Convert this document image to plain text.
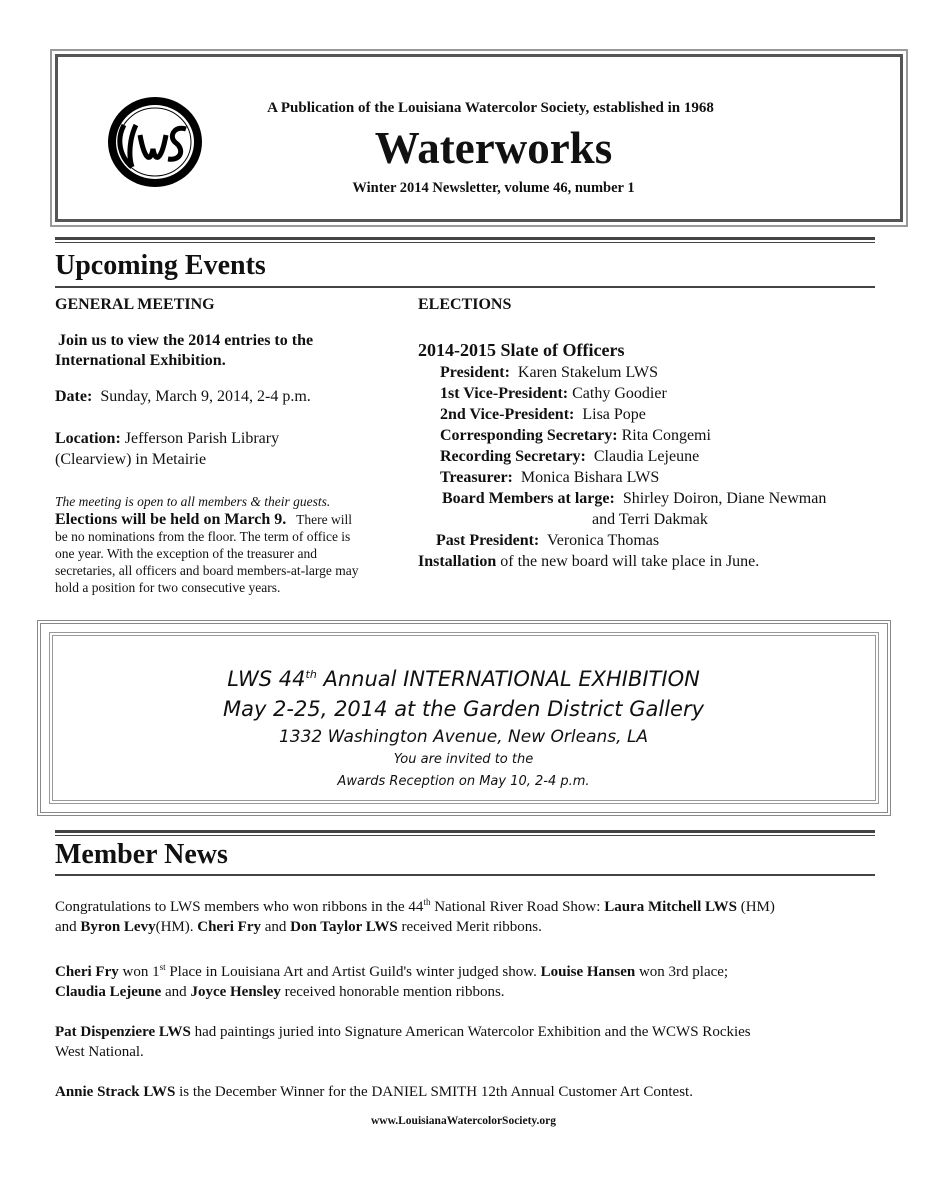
A Publication of the Louisiana Watercolor Society, established in 1968
Waterworks
Winter 2014 Newsletter, volume 46, number 1
Upcoming Events
GENERAL MEETING
Join us to view the 2014 entries to the
International Exhibition.
Date: Sunday, March 9, 2014, 2-4 p.m.
Location: Jefferson Parish Library
(Clearview) in Metairie
The meeting is open to all members & their guests.
Elections will be held on March 9. There will
be no nominations from the floor. The term of office is
one year. With the exception of the treasurer and
secretaries, all officers and board members-at-large may
hold a position for two consecutive years.
ELECTIONS
2014-2015 Slate of Officers
President: Karen Stakelum LWS
1st Vice-President: Cathy Goodier
2nd Vice-President: Lisa Pope
Corresponding Secretary: Rita Congemi
Recording Secretary: Claudia Lejeune
Treasurer: Monica Bishara LWS
Board Members at large: Shirley Doiron, Diane Newman
and Terri Dakmak
Past President: Veronica Thomas
Installation of the new board will take place in June.
LWS 44th Annual INTERNATIONAL EXHIBITION
May 2-25, 2014 at the Garden District Gallery
1332 Washington Avenue, New Orleans, LA
You are invited to the
Awards Reception on May 10, 2-4 p.m.
Member News

Congratulations to LWS members who won ribbons in the 44th National River Road Show: Laura Mitchell LWS (HM)
and Byron Levy(HM). Cheri Fry and Don Taylor LWS received Merit ribbons.

Cheri Fry won 1st Place in Louisiana Art and Artist Guild's winter judged show. Louise Hansen won 3rd place;
Claudia Lejeune and Joyce Hensley received honorable mention ribbons.

Pat Dispenziere LWS had paintings juried into Signature American Watercolor Exhibition and the WCWS Rockies
West National.

Annie Strack LWS is the December Winner for the DANIEL SMITH 12th Annual Customer Art Contest.

www.LouisianaWatercolorSociety.org
